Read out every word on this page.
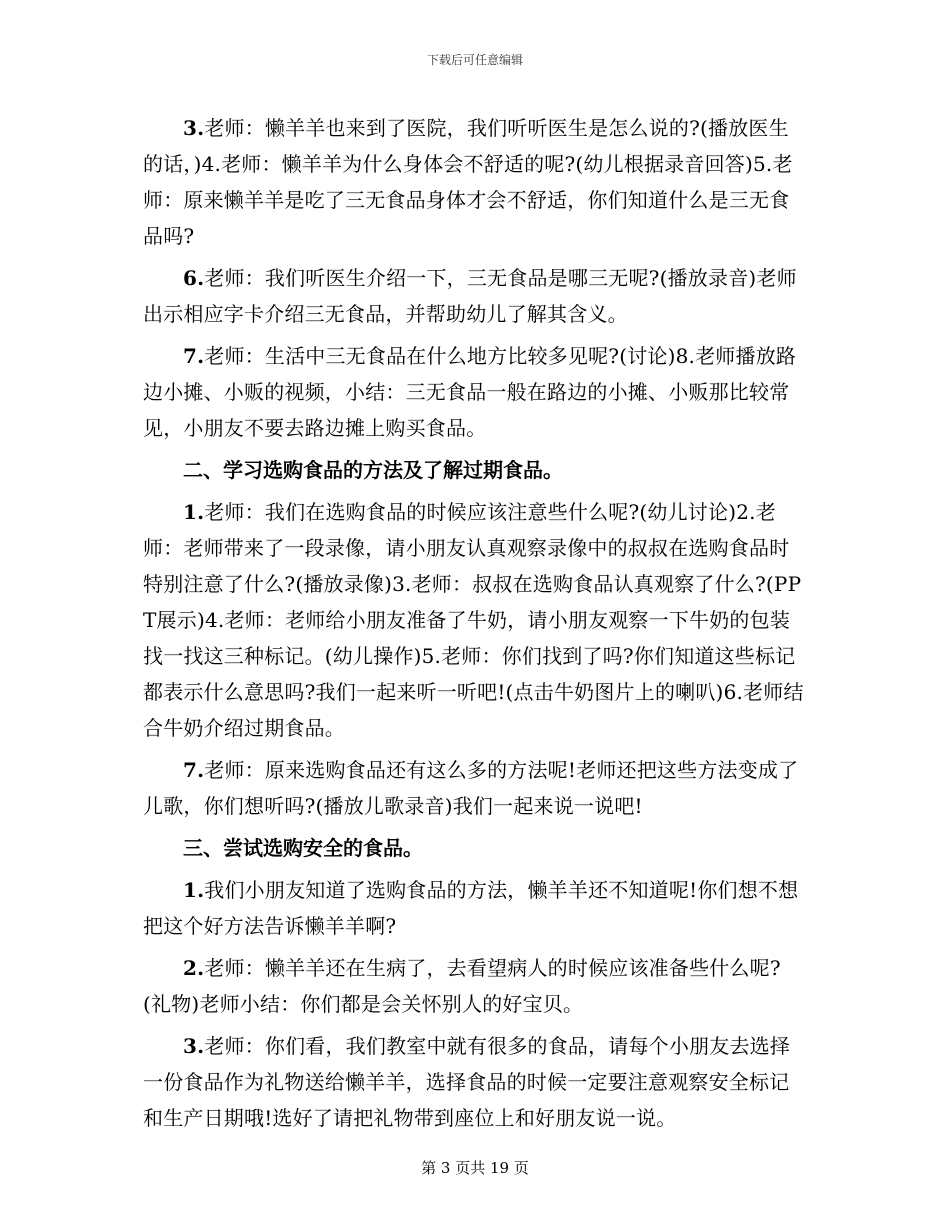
下载后可任意编辑

3.老师：懒羊羊也来到了医院，我们听听医生是怎么说的?(播放医生的话，)4.老师：懒羊羊为什么身体会不舒适的呢?(幼儿根据录音回答)5.老师：原来懒羊羊是吃了三无食品身体才会不舒适，你们知道什么是三无食品吗?

6.老师：我们听医生介绍一下，三无食品是哪三无呢?(播放录音)老师出示相应字卡介绍三无食品，并帮助幼儿了解其含义。

7.老师：生活中三无食品在什么地方比较多见呢?(讨论)8.老师播放路边小摊、小贩的视频，小结：三无食品一般在路边的小摊、小贩那比较常见，小朋友不要去路边摊上购买食品。

二、学习选购食品的方法及了解过期食品。

1.老师：我们在选购食品的时候应该注意些什么呢?(幼儿讨论)2.老师：老师带来了一段录像，请小朋友认真观察录像中的叔叔在选购食品时特别注意了什么?(播放录像)3.老师：叔叔在选购食品认真观察了什么?(PPT展示)4.老师：老师给小朋友准备了牛奶，请小朋友观察一下牛奶的包装找一找这三种标记。(幼儿操作)5.老师：你们找到了吗?你们知道这些标记都表示什么意思吗?我们一起来听一听吧!(点击牛奶图片上的喇叭)6.老师结合牛奶介绍过期食品。

7.老师：原来选购食品还有这么多的方法呢!老师还把这些方法变成了儿歌，你们想听吗?(播放儿歌录音)我们一起来说一说吧!

三、尝试选购安全的食品。

1.我们小朋友知道了选购食品的方法，懒羊羊还不知道呢!你们想不想把这个好方法告诉懒羊羊啊?

2.老师：懒羊羊还在生病了，去看望病人的时候应该准备些什么呢?(礼物)老师小结：你们都是会关怀别人的好宝贝。

3.老师：你们看，我们教室中就有很多的食品，请每个小朋友去选择一份食品作为礼物送给懒羊羊，选择食品的时候一定要注意观察安全标记和生产日期哦!选好了请把礼物带到座位上和好朋友说一说。

第 3 页共 19 页
